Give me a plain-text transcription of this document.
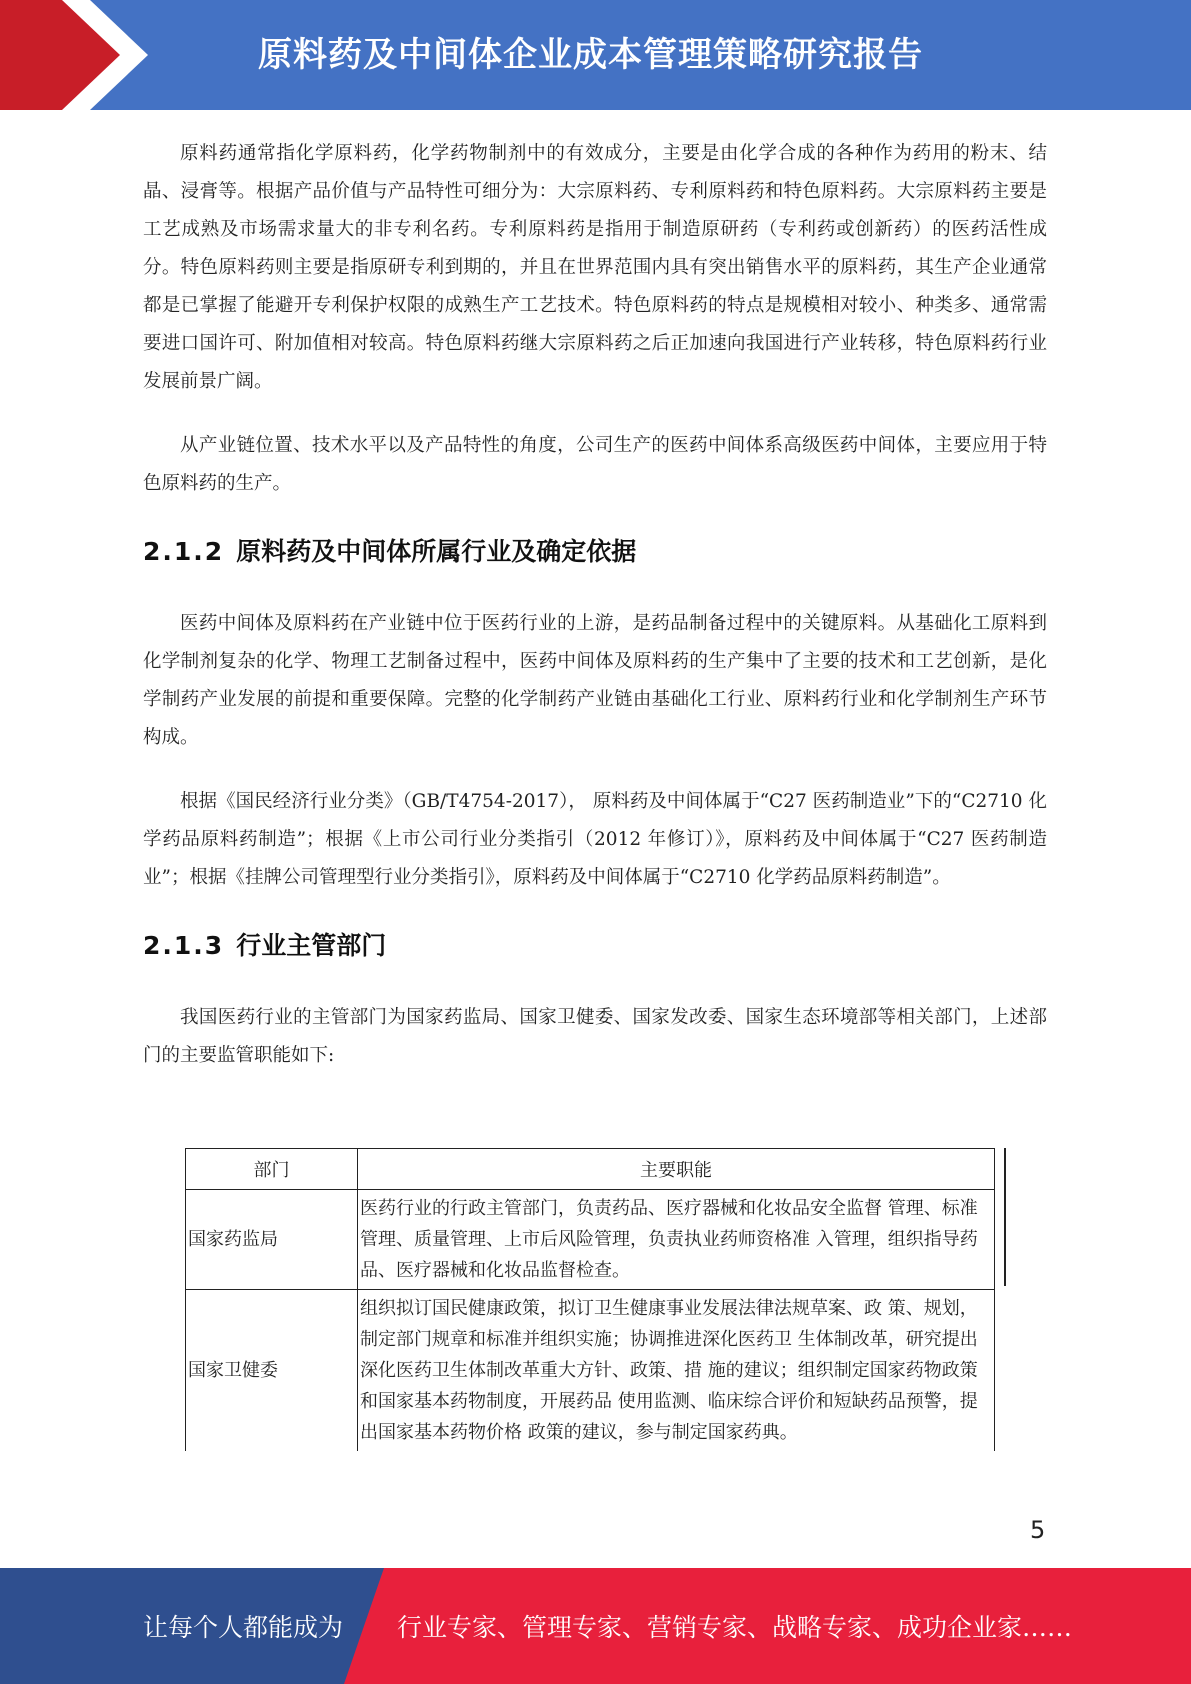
原料药及中间体企业成本管理策略研究报告

原料药通常指化学原料药，化学药物制剂中的有效成分，主要是由化学合成的各种作为药用的粉末、结晶、浸膏等。根据产品价值与产品特性可细分为：大宗原料药、专利原料药和特色原料药。大宗原料药主要是工艺成熟及市场需求量大的非专利名药。专利原料药是指用于制造原研药（专利药或创新药）的医药活性成分。特色原料药则主要是指原研专利到期的，并且在世界范围内具有突出销售水平的原料药，其生产企业通常都是已掌握了能避开专利保护权限的成熟生产工艺技术。特色原料药的特点是规模相对较小、种类多、通常需要进口国许可、附加值相对较高。特色原料药继大宗原料药之后正加速向我国进行产业转移，特色原料药行业发展前景广阔。

从产业链位置、技术水平以及产品特性的角度，公司生产的医药中间体系高级医药中间体，主要应用于特色原料药的生产。

2.1.2 原料药及中间体所属行业及确定依据

医药中间体及原料药在产业链中位于医药行业的上游，是药品制备过程中的关键原料。从基础化工原料到化学制剂复杂的化学、物理工艺制备过程中，医药中间体及原料药的生产集中了主要的技术和工艺创新，是化学制药产业发展的前提和重要保障。完整的化学制药产业链由基础化工行业、原料药行业和化学制剂生产环节构成。

根据《国民经济行业分类》（GB/T4754-2017）， 原料药及中间体属于“C27 医药制造业”下的“C2710 化学药品原料药制造”；根据《上市公司行业分类指引（2012 年修订）》，原料药及中间体属于“C27 医药制造业”；根据《挂牌公司管理型行业分类指引》，原料药及中间体属于“C2710 化学药品原料药制造”。

2.1.3 行业主管部门

我国医药行业的主管部门为国家药监局、国家卫健委、国家发改委、国家生态环境部等相关部门，上述部门的主要监管职能如下:

部门	主要职能
国家药监局	医药行业的行政主管部门，负责药品、医疗器械和化妆品安全监督 管理、标准管理、质量管理、上市后风险管理，负责执业药师资格准 入管理，组织指导药品、医疗器械和化妆品监督检查。
国家卫健委	组织拟订国民健康政策，拟订卫生健康事业发展法律法规草案、政 策、规划，制定部门规章和标准并组织实施；协调推进深化医药卫 生体制改革，研究提出深化医药卫生体制改革重大方针、政策、措 施的建议；组织制定国家药物政策和国家基本药物制度，开展药品 使用监测、临床综合评价和短缺药品预警，提出国家基本药物价格 政策的建议，参与制定国家药典。
5
让每个人都能成为 行业专家、管理专家、营销专家、战略专家、成功企业家……
